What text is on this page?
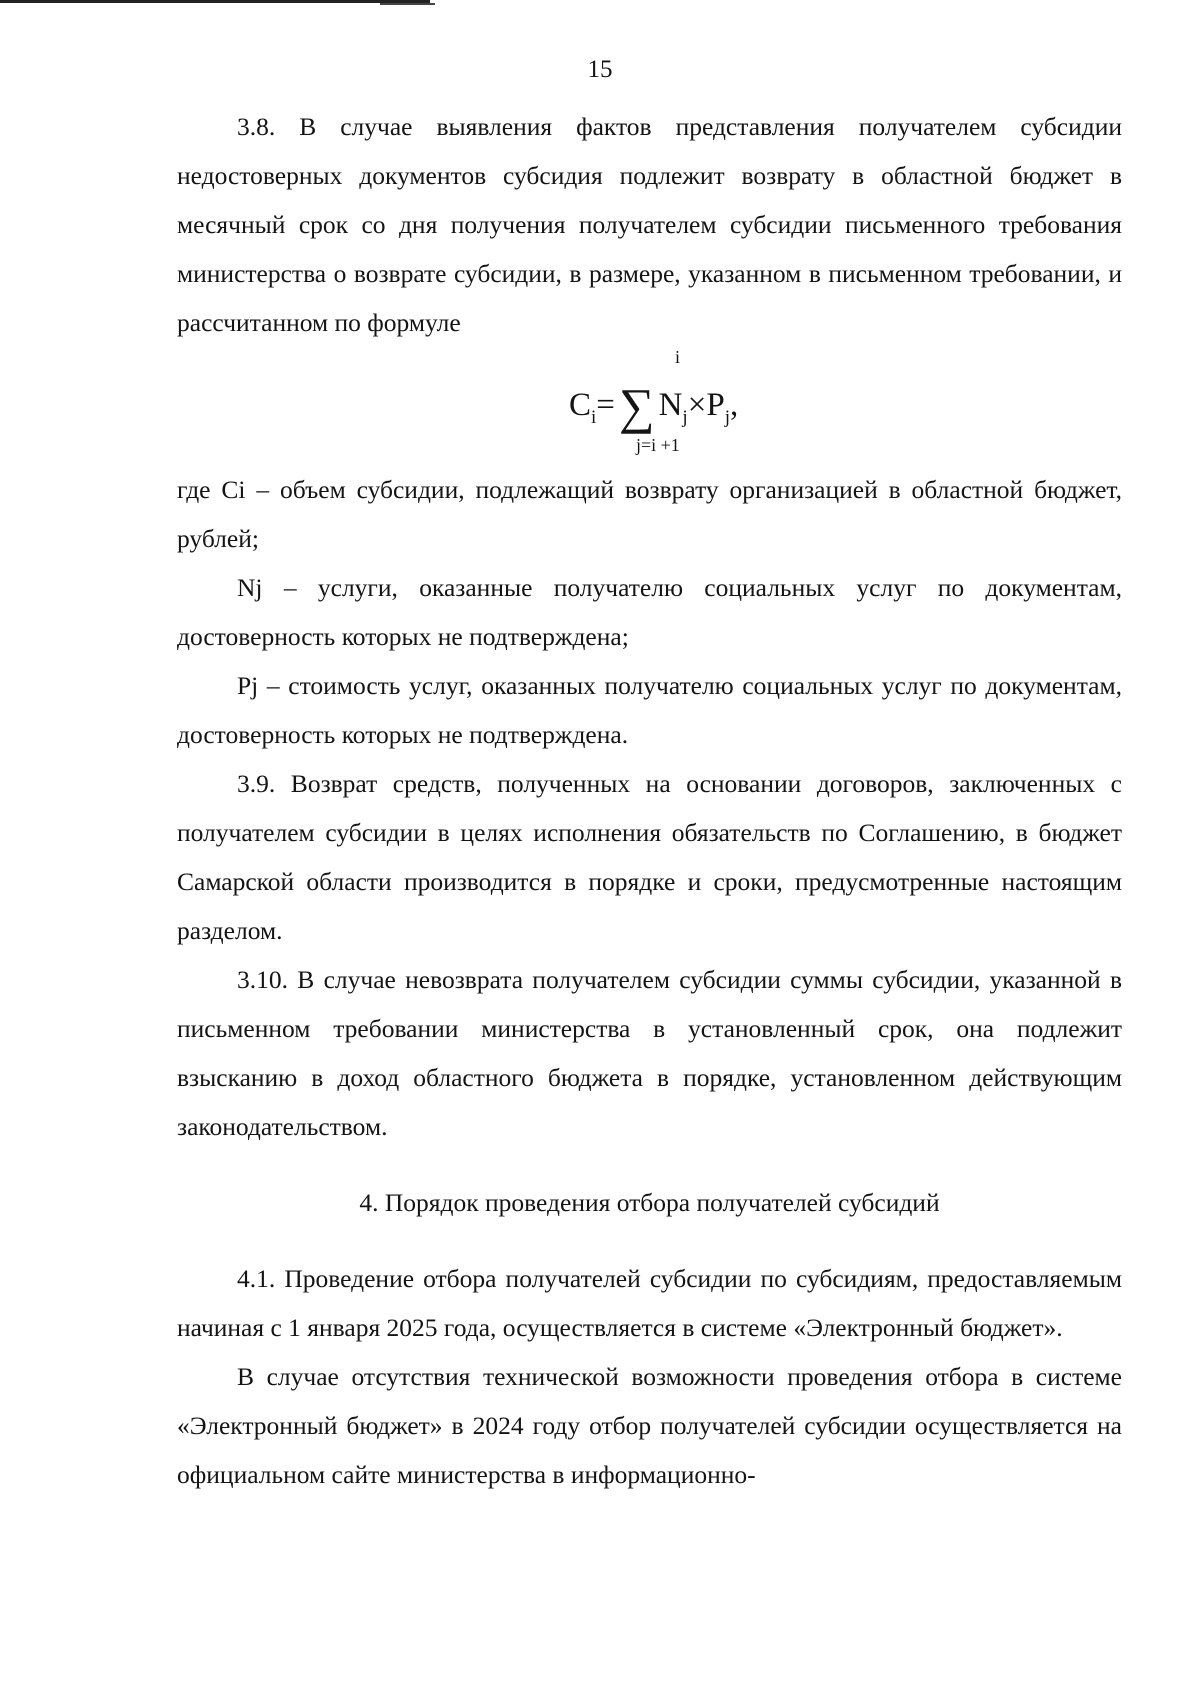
15

3.8. В случае выявления фактов представления получателем субсидии недостоверных документов субсидия подлежит возврату в областной бюджет в месячный срок со дня получения получателем субсидии письменного требования министерства о возврате субсидии, в размере, указанном в письменном требовании, и рассчитанном по формуле

i
$C_i=\sum$ $N_j\times P_j$,
j=i +1

где Ci – объем субсидии, подлежащий возврату организацией в областной бюджет, рублей;

Nj – услуги, оказанные получателю социальных услуг по документам, достоверность которых не подтверждена;

Pj – стоимость услуг, оказанных получателю социальных услуг по документам, достоверность которых не подтверждена.

3.9. Возврат средств, полученных на основании договоров, заключенных с получателем субсидии в целях исполнения обязательств по Соглашению, в бюджет Самарской области производится в порядке и сроки, предусмотренные настоящим разделом.

3.10. В случае невозврата получателем субсидии суммы субсидии, указанной в письменном требовании министерства в установленный срок, она подлежит взысканию в доход областного бюджета в порядке, установленном действующим законодательством.

4. Порядок проведения отбора получателей субсидий

4.1. Проведение отбора получателей субсидии по субсидиям, предоставляемым начиная с 1 января 2025 года, осуществляется в системе «Электронный бюджет».

В случае отсутствия технической возможности проведения отбора в системе «Электронный бюджет» в 2024 году отбор получателей субсидии осуществляется на официальном сайте министерства в информационно-
